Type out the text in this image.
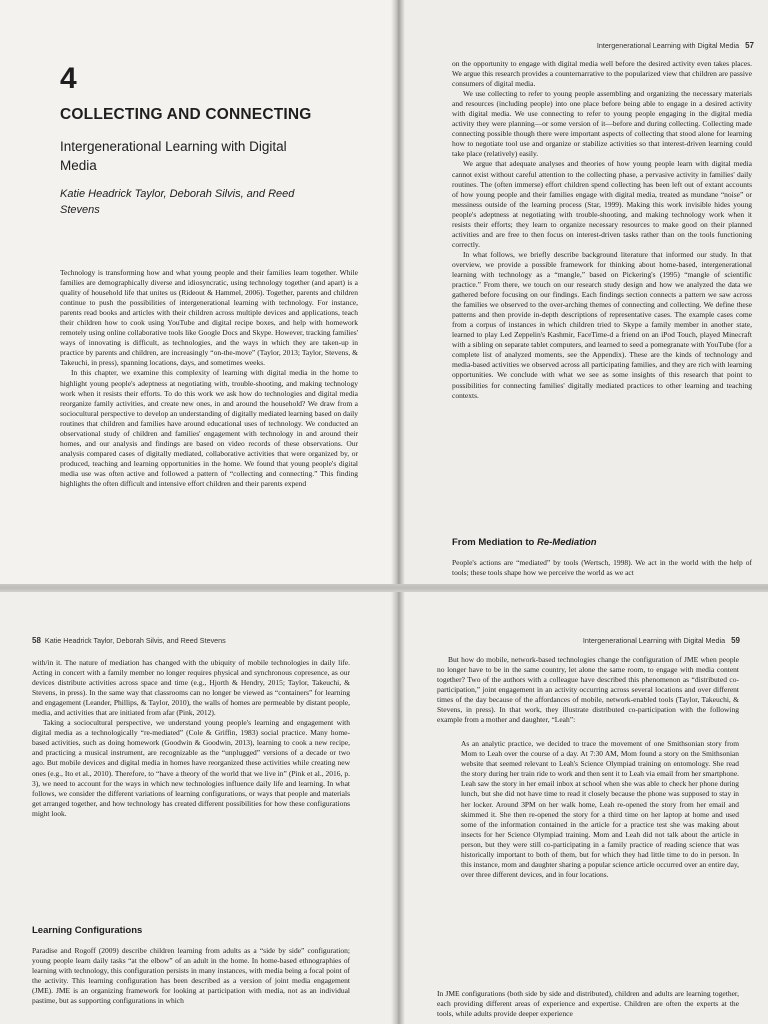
4
COLLECTING AND CONNECTING
Intergenerational Learning with Digital Media
Katie Headrick Taylor, Deborah Silvis, and Reed Stevens

Technology is transforming how and what young people and their families learn together. While families are demographically diverse and idiosyncratic, using technology together (and apart) is a quality of household life that unites us (Rideout & Hammel, 2006). Together, parents and children continue to push the possibilities of intergenerational learning with technology. For instance, parents read books and articles with their children across multiple devices and applications, teach their children how to cook using YouTube and digital recipe boxes, and help with homework remotely using online collaborative tools like Google Docs and Skype. However, tracking families' ways of innovating is difficult, as technologies, and the ways in which they are taken-up in practice by parents and children, are increasingly “on-the-move” (Taylor, 2013; Taylor, Stevens, & Takeuchi, in press), spanning locations, days, and sometimes weeks.

In this chapter, we examine this complexity of learning with digital media in the home to highlight young people's adeptness at negotiating with, trouble-shooting, and making technology work when it resists their efforts. To do this work we ask how do technologies and digital media reorganize family activities, and create new ones, in and around the household? We draw from a sociocultural perspective to develop an understanding of digitally mediated learning based on daily routines that children and families have around educational uses of technology. We conducted an observational study of children and families' engagement with technology in and around their homes, and our analysis and findings are based on video records of these observations. Our analysis compared cases of digitally mediated, collaborative activities that were organized by, or produced, teaching and learning opportunities in the home. We found that young people's digital media use was often active and followed a pattern of “collecting and connecting.” This finding highlights the often difficult and intensive effort children and their parents expend

Intergenerational Learning with Digital Media 57

on the opportunity to engage with digital media well before the desired activity even takes places. We argue this research provides a counternarrative to the popularized view that children are passive consumers of digital media.

We use collecting to refer to young people assembling and organizing the necessary materials and resources (including people) into one place before being able to engage in a desired activity with digital media. We use connecting to refer to young people engaging in the digital media activity they were planning—or some version of it—before and during collecting. Collecting made connecting possible though there were important aspects of collecting that stood alone for learning how to negotiate tool use and organize or stabilize activities so that interest-driven learning could take place (relatively) easily.

We argue that adequate analyses and theories of how young people learn with digital media cannot exist without careful attention to the collecting phase, a pervasive activity in families' daily routines. The (often immerse) effort children spend collecting has been left out of extant accounts of how young people and their families engage with digital media, treated as mundane “noise” or messiness outside of the learning process (Star, 1999). Making this work invisible hides young people's adeptness at negotiating with trouble-shooting, and making technology work when it resists their efforts; they learn to organize necessary resources to make good on their planned activities and are free to then focus on interest-driven tasks rather than on the tools functioning correctly.

In what follows, we briefly describe background literature that informed our study. In that overview, we provide a possible framework for thinking about home-based, intergenerational learning with technology as a “mangle,” based on Pickering's (1995) “mangle of scientific practice.” From there, we touch on our research study design and how we analyzed the data we gathered before focusing on our findings. Each findings section connects a pattern we saw across the families we observed to the over-arching themes of connecting and collecting. We define these patterns and then provide in-depth descriptions of representative cases. The example cases come from a corpus of instances in which children tried to Skype a family member in another state, learned to play Led Zeppelin's Kashmir, FaceTime-d a friend on an iPod Touch, played Minecraft with a sibling on separate tablet computers, and learned to seed a pomegranate with YouTube (for a complete list of analyzed moments, see the Appendix). These are the kinds of technology and media-based activities we observed across all participating families, and they are rich with learning opportunities. We conclude with what we see as some insights of this research that point to possibilities for connecting families' digitally mediated practices to other learning and teaching contexts.

From Mediation to Re-Mediation

People's actions are “mediated” by tools (Wertsch, 1998). We act in the world with the help of tools; these tools shape how we perceive the world as we act

58 Katie Headrick Taylor, Deborah Silvis, and Reed Stevens

with/in it. The nature of mediation has changed with the ubiquity of mobile technologies in daily life. Acting in concert with a family member no longer requires physical and synchronous copresence, as our devices distribute activities across space and time (e.g., Hjorth & Hendry, 2015; Taylor, Takeuchi, & Stevens, in press). In the same way that classrooms can no longer be viewed as “containers” for learning and engagement (Leander, Phillips, & Taylor, 2010), the walls of homes are permeable by distant people, media, and activities that are initiated from afar (Pink, 2012).

Taking a sociocultural perspective, we understand young people's learning and engagement with digital media as a technologically “re-mediated” (Cole & Griffin, 1983) social practice. Many home-based activities, such as doing homework (Goodwin & Goodwin, 2013), learning to cook a new recipe, and practicing a musical instrument, are recognizable as the “unplugged” versions of a decade or two ago. But mobile devices and digital media in homes have reorganized these activities while creating new ones (e.g., Ito et al., 2010). Therefore, to “have a theory of the world that we live in” (Pink et al., 2016, p. 3), we need to account for the ways in which new technologies influence daily life and learning. In what follows, we consider the different variations of learning configurations, or ways that people and materials get arranged together, and how technology has created different possibilities for how these configurations might look.

Learning Configurations

Paradise and Rogoff (2009) describe children learning from adults as a “side by side” configuration; young people learn daily tasks “at the elbow” of an adult in the home. In home-based ethnographies of learning with technology, this configuration persists in many instances, with media being a focal point of the activity. This learning configuration has been described as a version of joint media engagement (JME). JME is an organizing framework for looking at participation with media, not as an individual pastime, but as supporting configurations in which

Intergenerational Learning with Digital Media 59

But how do mobile, network-based technologies change the configuration of JME when people no longer have to be in the same country, let alone the same room, to engage with media content together? Two of the authors with a colleague have described this phenomenon as “distributed co-participation,” joint engagement in an activity occurring across several locations and over different times of the day because of the affordances of mobile, network-enabled tools (Taylor, Takeuchi, & Stevens, in press). In that work, they illustrate distributed co-participation with the following example from a mother and daughter, “Leah”:

As an analytic practice, we decided to trace the movement of one Smithsonian story from Mom to Leah over the course of a day. At 7:30 AM, Mom found a story on the Smithsonian website that seemed relevant to Leah's Science Olympiad training on entomology. She read the story during her train ride to work and then sent it to Leah via email from her smartphone. Leah saw the story in her email inbox at school when she was able to check her phone during lunch, but she did not have time to read it closely because the phone was supposed to stay in her locker. Around 3PM on her walk home, Leah re-opened the story from her email and skimmed it. She then re-opened the story for a third time on her laptop at home and used some of the information contained in the article for a practice test she was making about insects for her Science Olympiad training. Mom and Leah did not talk about the article in person, but they were still co-participating in a family practice of reading science that was historically important to both of them, but for which they had little time to do in person. In this instance, mom and daughter sharing a popular science article occurred over an entire day, over three different devices, and in four locations.

In JME configurations (both side by side and distributed), children and adults are learning together, each providing different areas of experience and expertise. Children are often the experts at the tools, while adults provide deeper experience
